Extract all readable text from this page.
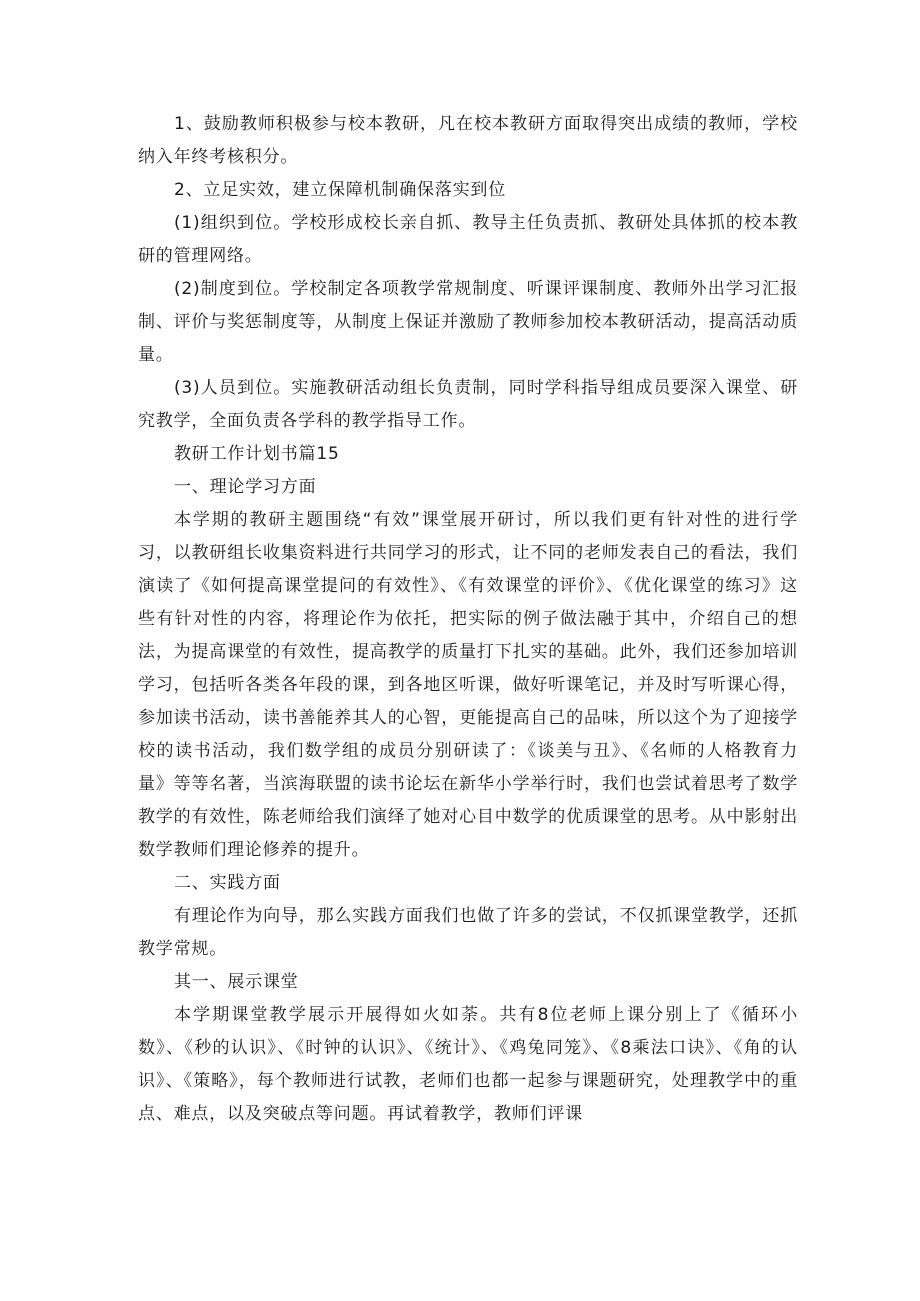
1、鼓励教师积极参与校本教研，凡在校本教研方面取得突出成绩的教师，学校纳入年终考核积分。

2、立足实效，建立保障机制确保落实到位

(1)组织到位。学校形成校长亲自抓、教导主任负责抓、教研处具体抓的校本教研的管理网络。

(2)制度到位。学校制定各项教学常规制度、听课评课制度、教师外出学习汇报制、评价与奖惩制度等，从制度上保证并激励了教师参加校本教研活动，提高活动质量。

(3)人员到位。实施教研活动组长负责制，同时学科指导组成员要深入课堂、研究教学，全面负责各学科的教学指导工作。

教研工作计划书篇15

一、理论学习方面

本学期的教研主题围绕“有效”课堂展开研讨，所以我们更有针对性的进行学习，以教研组长收集资料进行共同学习的形式，让不同的老师发表自己的看法，我们演读了《如何提高课堂提问的有效性》、《有效课堂的评价》、《优化课堂的练习》这些有针对性的内容，将理论作为依托，把实际的例子做法融于其中，介绍自己的想法，为提高课堂的有效性，提高教学的质量打下扎实的基础。此外，我们还参加培训学习，包括听各类各年段的课，到各地区听课，做好听课笔记，并及时写听课心得，参加读书活动，读书善能养其人的心智，更能提高自己的品味，所以这个为了迎接学校的读书活动，我们数学组的成员分别研读了：《谈美与丑》、《名师的人格教育力量》等等名著，当滨海联盟的读书论坛在新华小学举行时，我们也尝试着思考了数学教学的有效性，陈老师给我们演绎了她对心目中数学的优质课堂的思考。从中影射出数学教师们理论修养的提升。

二、实践方面

有理论作为向导，那么实践方面我们也做了许多的尝试，不仅抓课堂教学，还抓教学常规。

其一、展示课堂

本学期课堂教学展示开展得如火如荼。共有8位老师上课分别上了《循环小数》、《秒的认识》、《时钟的认识》、《统计》、《鸡兔同笼》、《8乘法口诀》、《角的认识》、《策略》，每个教师进行试教，老师们也都一起参与课题研究，处理教学中的重点、难点，以及突破点等问题。再试着教学，教师们评课
